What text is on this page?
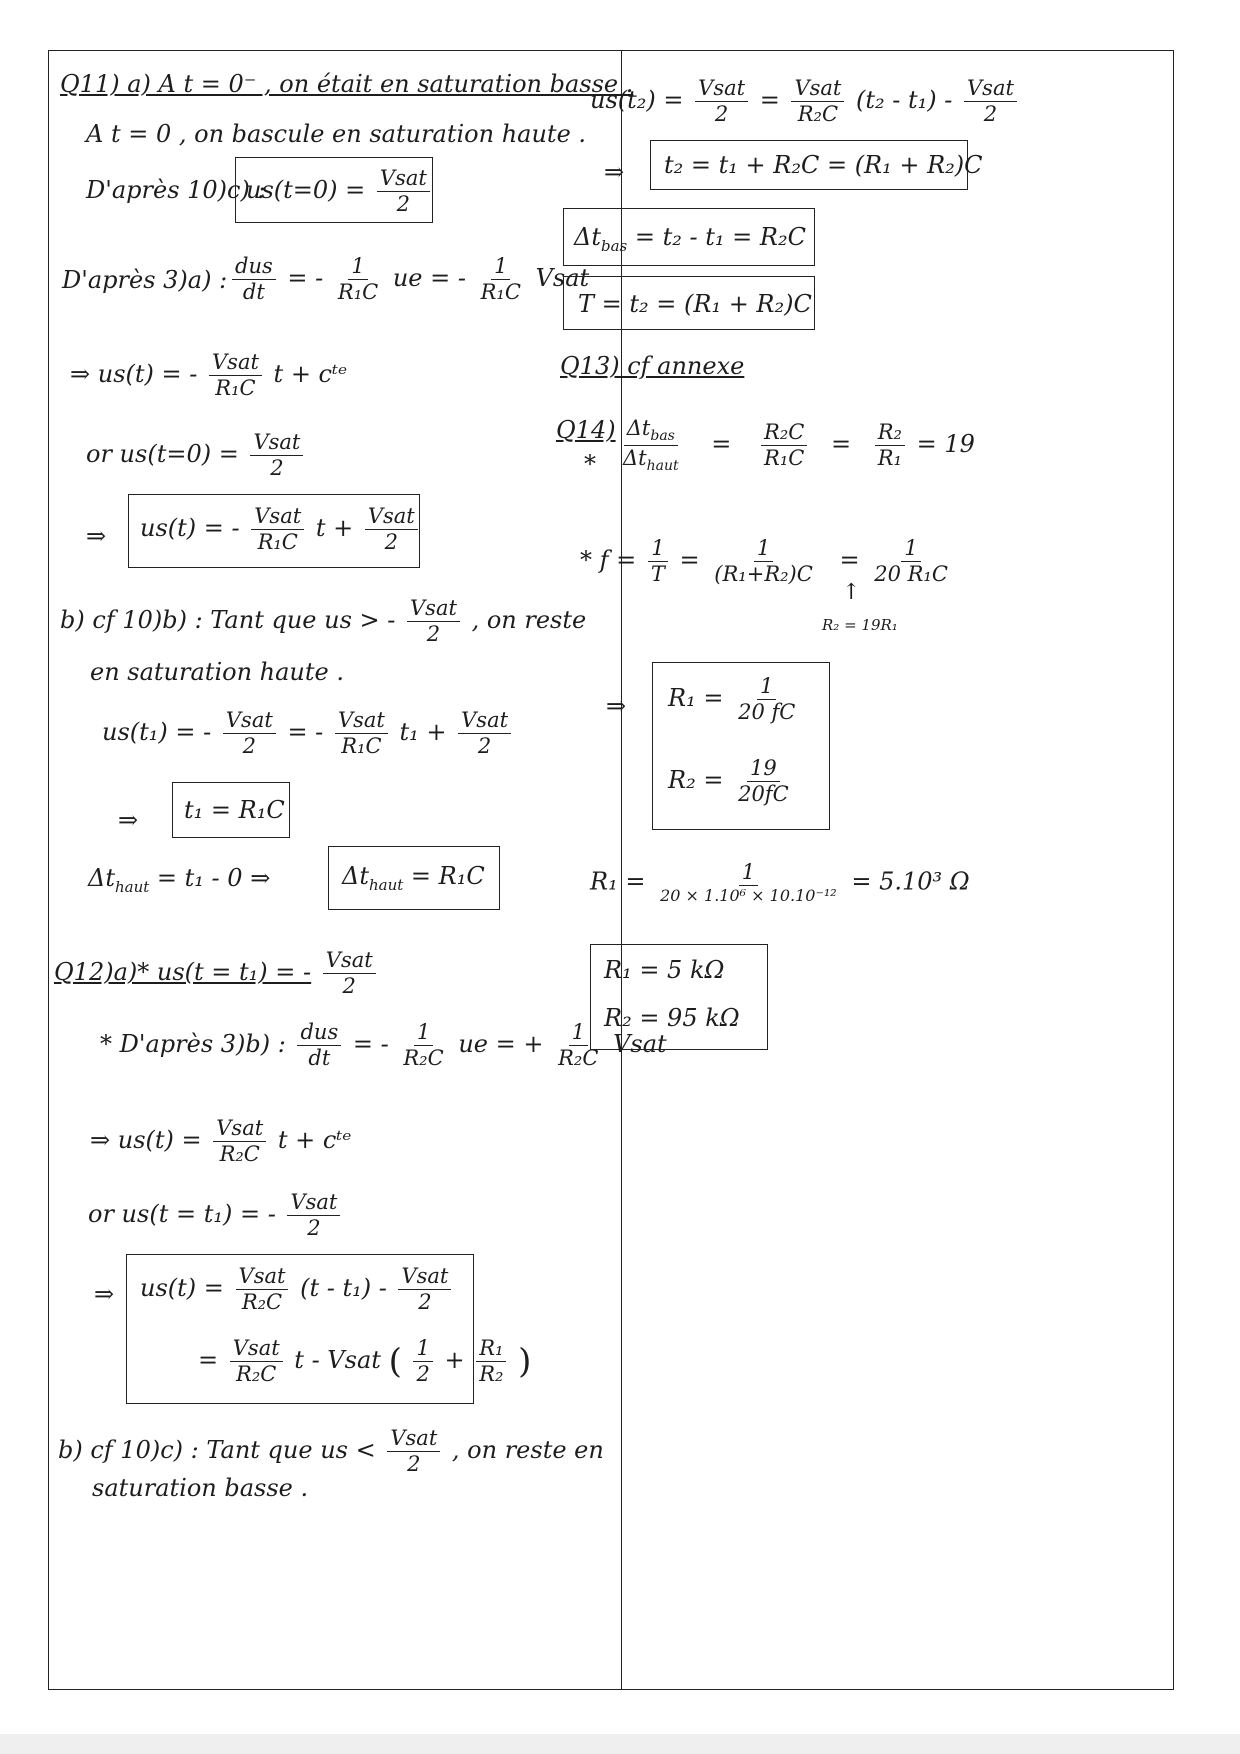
Q11) a) A t = 0⁻ , on était en saturation basse .
A t = 0 , on bascule en saturation haute .
D'après 10)c) :
$us(t=0) = \frac{\text{Vsat}}{2}$
D'après 3)a) : $\frac{\text{dus}}{dt}$ = - $\frac{1}{\text{R₁C}}$ ue = - $\frac{1}{\text{R₁C}}$ Vsat
⇒ us(t) = - $\frac{\text{Vsat}}{\text{R₁C}}$ t + cᵗᵉ
or $us(t=0) = \frac{\text{Vsat}}{2}$
⇒ us(t) = - $\frac{\text{Vsat}}{\text{R₁C}}$ $t + \frac{\text{Vsat}}{2}$
b) cf 10)b) : Tant que us > - $\frac{\text{Vsat}}{2}$ , on reste
en saturation haute .
us(t₁) = - $\frac{\text{Vsat}}{2}$ = - $\frac{\text{Vsat}}{\text{R₁C}} t_1 + \frac{\text{Vsat}}{2}$
⇒ t₁ = R₁C
$\Delta t_{haut} = t_1 - 0$ ⇒	$\Delta t_{haut} = R_1C$
Q12)a)* us(t = t₁) = - $\frac{\text{Vsat}}{2}$
* D'après 3)b) : $\frac{\text{dus}}{dt}$ = - $\frac{1}{\text{R₂C}}$ ue = + $\frac{1}{\text{R₂C}}$ Vsat
⇒ $us(t) = \frac{\text{Vsat}}{\text{R₂C}}$ t + cᵗᵉ
or us(t = t₁) = - $\frac{\text{Vsat}}{2}$
⇒ $us(t) = \frac{\text{Vsat}}{\text{R₂C}} (t - t_1) - \frac{\text{Vsat}}{2}$
= $\frac{\text{Vsat}}{\text{R₂C}}$ t - Vsat ( $\frac{1}{2} + \frac{\text{R₁}}{\text{R₂}}$ )
b) cf 10)c) : Tant que us < $\frac{\text{Vsat}}{2}$ , on reste en
saturation basse .
$us(t_2) = \frac{\text{Vsat}}{2} = \frac{\text{Vsat}}{\text{R₂C}} (t_2 - t_1) - \frac{\text{Vsat}}{2}$
⇒ t₂ = t₁ + R₂C = (R₁ + R₂)C
$\Delta t_{bas} = t_2 - t_1 = R_2C$
T = t₂ = (R₁ + R₂)C
Q13) cf annexe
Q14)
* $\frac{\Delta t_{bas}}{\Delta t_{haut}} = \frac{\text{R₂C}}{\text{R₁C}} = \frac{\text{R₂}}{\text{R₁}} = 19$
* $f = \frac{1}{T} = \frac{1}{\text{(R₁+R₂)C}} = \frac{1}{\text{20 R₁C}}$
↑
R₂ = 19R₁
⇒ $R_1 = \frac{1}{20 fC}$
$R_2 = \frac{19}{20fC}$
$R_1 = \frac{1}{\text{20 × 1.10⁶ × 10.10⁻¹²}} = 5.10^3$ Ω
R₁ = 5 kΩ
R₂ = 95 kΩ
